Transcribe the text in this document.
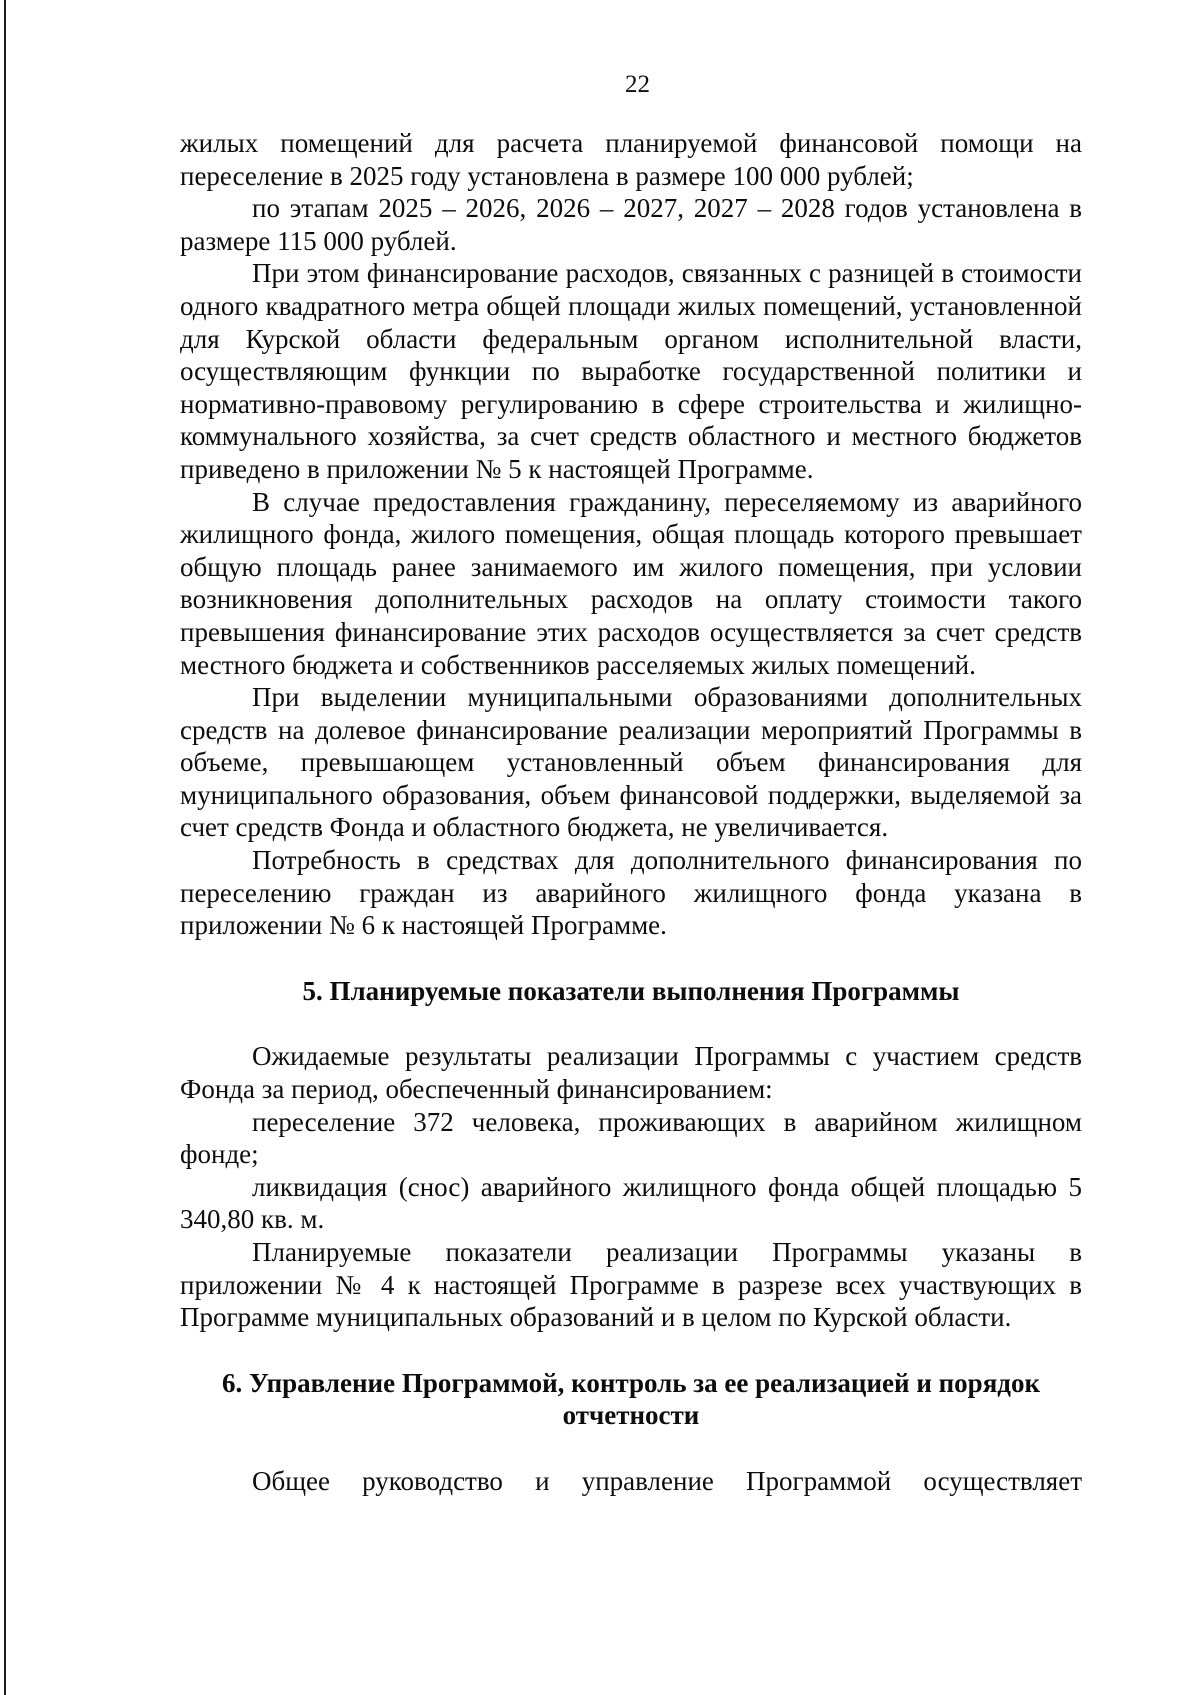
22

жилых помещений для расчета планируемой финансовой помощи на переселение в 2025 году установлена в размере 100 000 рублей;

по этапам 2025 – 2026, 2026 – 2027, 2027 – 2028 годов установлена в размере 115 000 рублей.

При этом финансирование расходов, связанных с разницей в стоимости одного квадратного метра общей площади жилых помещений, установленной для Курской области федеральным органом исполнительной власти, осуществляющим функции по выработке государственной политики и нормативно-правовому регулированию в сфере строительства и жилищно-коммунального хозяйства, за счет средств областного и местного бюджетов приведено в приложении № 5 к настоящей Программе.

В случае предоставления гражданину, переселяемому из аварийного жилищного фонда, жилого помещения, общая площадь которого превышает общую площадь ранее занимаемого им жилого помещения, при условии возникновения дополнительных расходов на оплату стоимости такого превышения финансирование этих расходов осуществляется за счет средств местного бюджета и собственников расселяемых жилых помещений.

При выделении муниципальными образованиями дополнительных средств на долевое финансирование реализации мероприятий Программы в объеме, превышающем установленный объем финансирования для муниципального образования, объем финансовой поддержки, выделяемой за счет средств Фонда и областного бюджета, не увеличивается.

Потребность в средствах для дополнительного финансирования по переселению граждан из аварийного жилищного фонда указана в приложении № 6 к настоящей Программе.

5. Планируемые показатели выполнения Программы

Ожидаемые результаты реализации Программы с участием средств Фонда за период, обеспеченный финансированием:

переселение 372 человека, проживающих в аварийном жилищном фонде;

ликвидация (снос) аварийного жилищного фонда общей площадью 5 340,80 кв. м.

Планируемые показатели реализации Программы указаны в приложении № 4 к настоящей Программе в разрезе всех участвующих в Программе муниципальных образований и в целом по Курской области.

6. Управление Программой, контроль за ее реализацией и порядок отчетности

Общее руководство и управление Программой осуществляет
